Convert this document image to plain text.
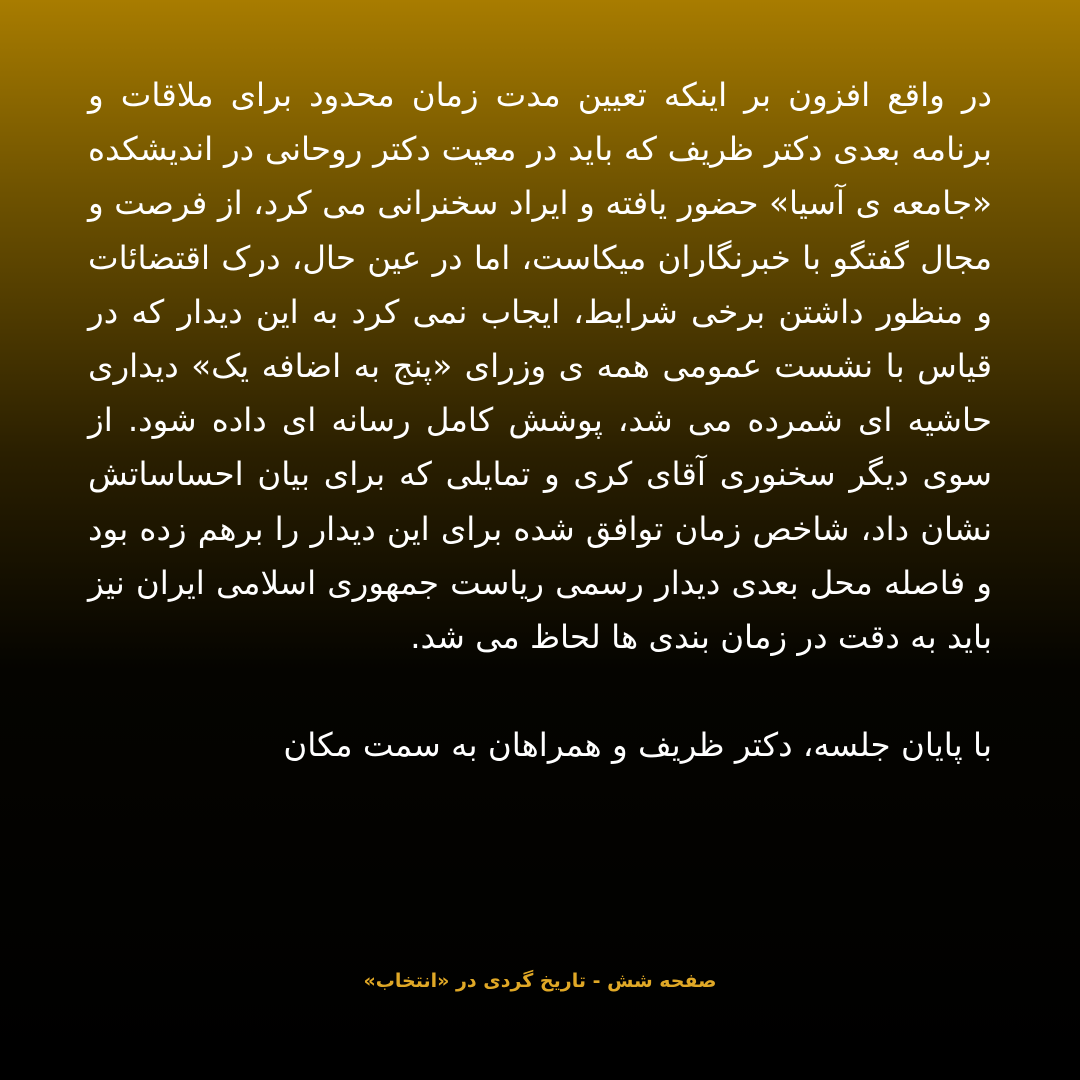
در واقع افزون بر اینکه تعیین مدت زمان محدود برای ملاقات و برنامه بعدی دکتر ظریف که باید در معیت دکتر روحانی در اندیشکده «جامعه ی آسیا» حضور یافته و ایراد سخنرانی می کرد، از فرصت و مجال گفتگو با خبرنگاران میکاست، اما در عین حال، درک اقتضائات و منظور داشتن برخی شرایط، ایجاب نمی کرد به این دیدار که در قیاس با نشست عمومی همه ی وزرای «پنج به اضافه یک» دیداری حاشیه ای شمرده می شد، پوشش کامل رسانه ای داده شود. از سوی دیگر سخنوری آقای کری و تمایلی که برای بیان احساساتش نشان داد، شاخص زمان توافق شده برای این دیدار را برهم زده بود و فاصله محل بعدی دیدار رسمی ریاست جمهوری اسلامی ایران نیز باید به دقت در زمان بندی ها لحاظ می شد.

با پایان جلسه، دکتر ظریف و همراهان به سمت مکان

صفحه شش - تاریخ گردی در «انتخاب»
